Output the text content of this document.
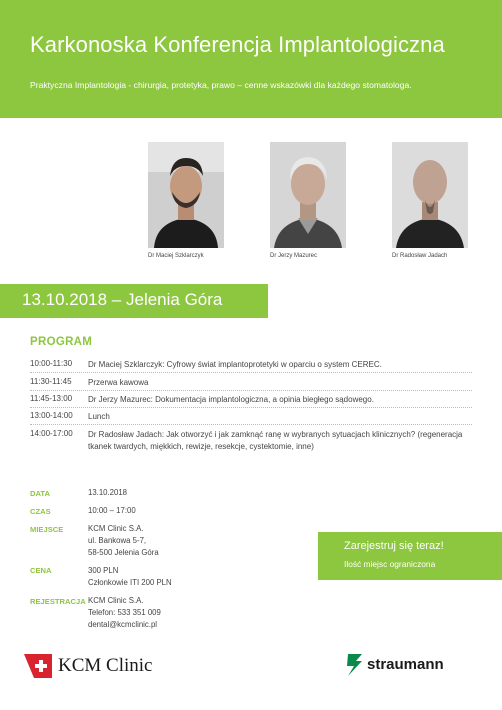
Karkonoska Konferencja Implantologiczna
Praktyczna Implantologia - chirurgia, protetyka, prawo – cenne wskazówki dla każdego stomatologa.
Dr Maciej Szklarczyk	Dr Jerzy Mazurec	Dr Radosław Jadach
13.10.2018 – Jelenia Góra
PROGRAM
10:00-11:30	Dr Maciej Szklarczyk: Cyfrowy świat implantoprotetyki w oparciu o system CEREC.
11:30-11:45	Przerwa kawowa
11:45-13:00	Dr Jerzy Mazurec: Dokumentacja implantologiczna, a opinia biegłego sądowego.
13:00-14:00	Lunch
14:00-17:00	Dr Radosław Jadach: Jak otworzyć i jak zamknąć ranę w wybranych sytuacjach klinicznych? (regeneracja tkanek twardych, miękkich, rewizje, resekcje, cystektomie, inne)
DATA	13.10.2018
CZAS	10:00 – 17:00
MIEJSCE	KCM Clinic S.A.
ul. Bankowa 5-7,
58-500 Jelenia Góra
CENA	300 PLN
Członkowie ITI 200 PLN
REJESTRACJA KCM Clinic S.A.
Telefon: 533 351 009
dental@kcmclinic.pl
Zarejestruj się teraz!
Ilość miejsc ograniczona
KCM Clinic	straumann
